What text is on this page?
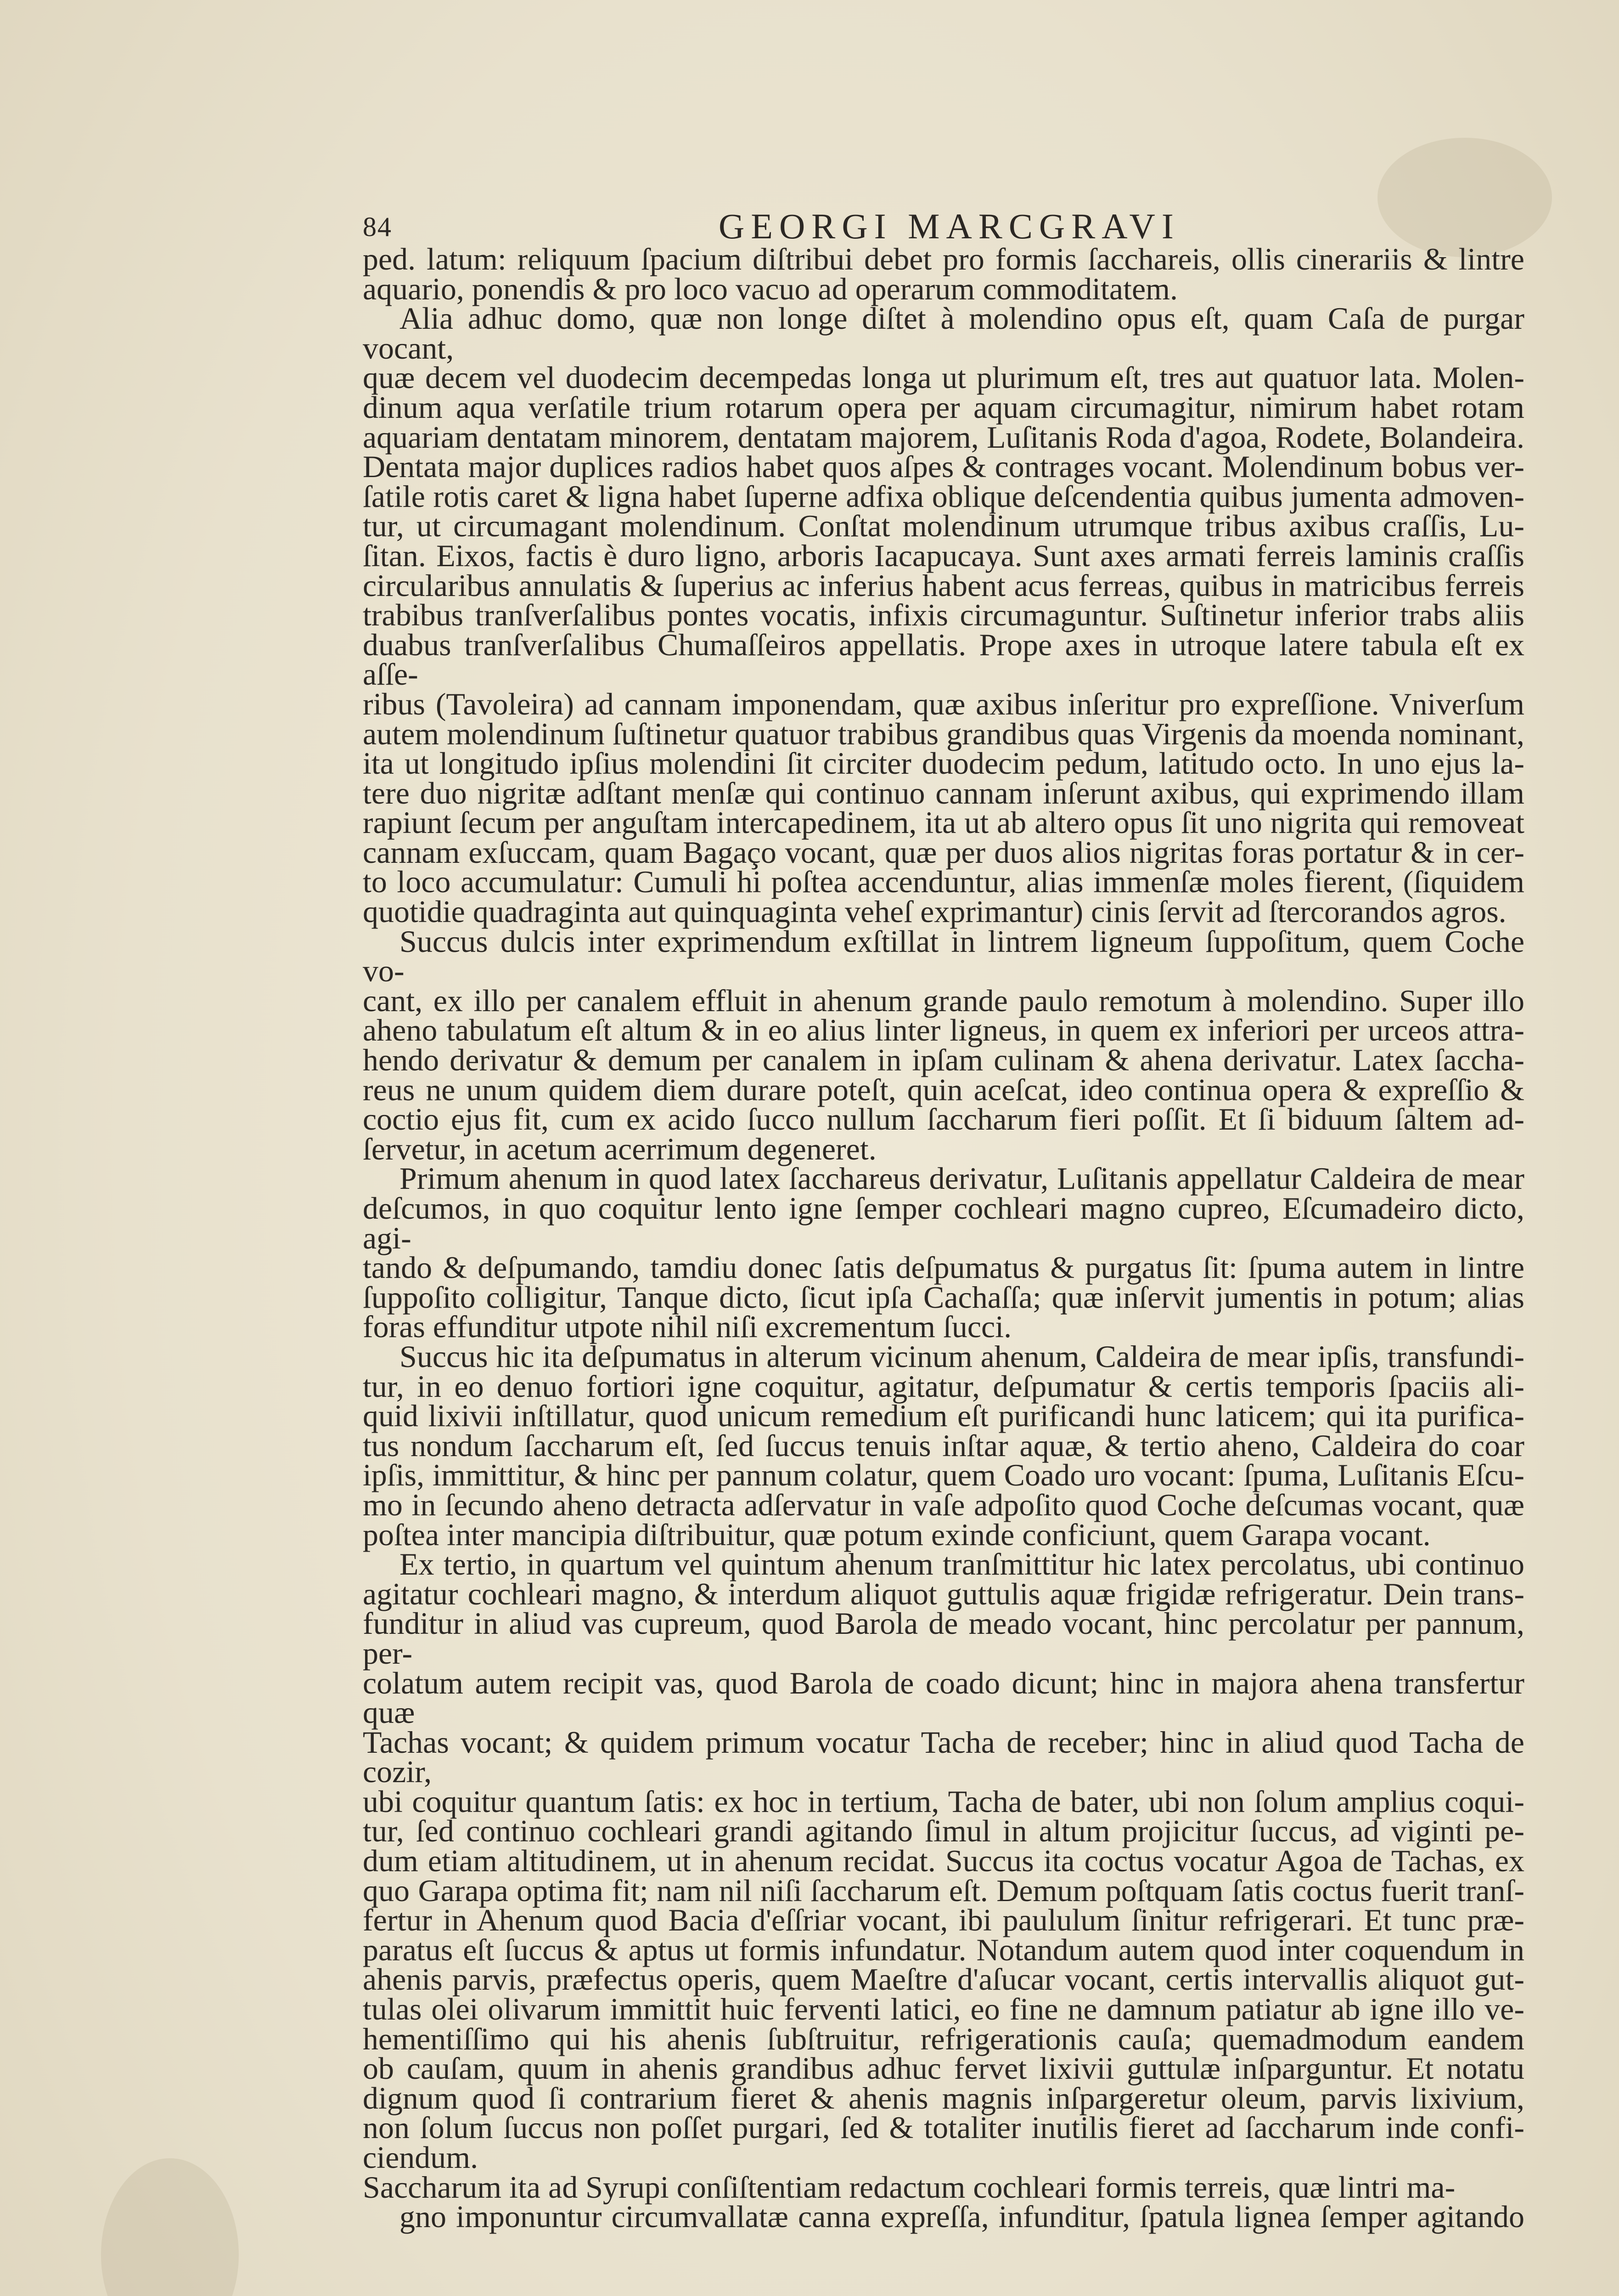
84	GEORGI MARCGRAVI

ped. latum: reliquum ſpacium diſtribui debet pro formis ſacchareis, ollis cinerariis & lintre

aquario, ponendis & pro loco vacuo ad operarum commoditatem.

Alia adhuc domo, quæ non longe diſtet à molendino opus eſt, quam Caſa de purgar vocant,

quæ decem vel duodecim decempedas longa ut plurimum eſt, tres aut quatuor lata. Molen-

dinum aqua verſatile trium rotarum opera per aquam circumagitur, nimirum habet rotam

aquariam dentatam minorem, dentatam majorem, Luſitanis Roda d'agoa, Rodete, Bolandeira.

Dentata major duplices radios habet quos aſpes & contrages vocant. Molendinum bobus ver-

ſatile rotis caret & ligna habet ſuperne adfixa oblique deſcendentia quibus jumenta admoven-

tur, ut circumagant molendinum. Conſtat molendinum utrumque tribus axibus craſſis, Lu-

ſitan. Eixos, factis è duro ligno, arboris Iacapucaya. Sunt axes armati ferreis laminis craſſis

circularibus annulatis & ſuperius ac inferius habent acus ferreas, quibus in matricibus ferreis

trabibus tranſverſalibus pontes vocatis, infixis circumaguntur. Suſtinetur inferior trabs aliis

duabus tranſverſalibus Chumaſſeiros appellatis. Prope axes in utroque latere tabula eſt ex aſſe-

ribus (Tavoleira) ad cannam imponendam, quæ axibus inſeritur pro expreſſione. Vniverſum

autem molendinum ſuſtinetur quatuor trabibus grandibus quas Virgenis da moenda nominant,

ita ut longitudo ipſius molendini ſit circiter duodecim pedum, latitudo octo. In uno ejus la-

tere duo nigritæ adſtant menſæ qui continuo cannam inſerunt axibus, qui exprimendo illam

rapiunt ſecum per anguſtam intercapedinem, ita ut ab altero opus ſit uno nigrita qui removeat

cannam exſuccam, quam Bagaço vocant, quæ per duos alios nigritas foras portatur & in cer-

to loco accumulatur: Cumuli hi poſtea accenduntur, alias immenſæ moles fierent, (ſiquidem

quotidie quadraginta aut quinquaginta veheſ exprimantur) cinis ſervit ad ſtercorandos agros.

Succus dulcis inter exprimendum exſtillat in lintrem ligneum ſuppoſitum, quem Coche vo-

cant, ex illo per canalem effluit in ahenum grande paulo remotum à molendino. Super illo

aheno tabulatum eſt altum & in eo alius linter ligneus, in quem ex inferiori per urceos attra-

hendo derivatur & demum per canalem in ipſam culinam & ahena derivatur. Latex ſaccha-

reus ne unum quidem diem durare poteſt, quin aceſcat, ideo continua opera & expreſſio &

coctio ejus fit, cum ex acido ſucco nullum ſaccharum fieri poſſit. Et ſi biduum ſaltem ad-

ſervetur, in acetum acerrimum degeneret.

Primum ahenum in quod latex ſacchareus derivatur, Luſitanis appellatur Caldeira de mear

deſcumos, in quo coquitur lento igne ſemper cochleari magno cupreo, Eſcumadeiro dicto, agi-

tando & deſpumando, tamdiu donec ſatis deſpumatus & purgatus ſit: ſpuma autem in lintre

ſuppoſito colligitur, Tanque dicto, ſicut ipſa Cachaſſa; quæ inſervit jumentis in potum; alias

foras effunditur utpote nihil niſi excrementum ſucci.

Succus hic ita deſpumatus in alterum vicinum ahenum, Caldeira de mear ipſis, transfundi-

tur, in eo denuo fortiori igne coquitur, agitatur, deſpumatur & certis temporis ſpaciis ali-

quid lixivii inſtillatur, quod unicum remedium eſt purificandi hunc laticem; qui ita purifica-

tus nondum ſaccharum eſt, ſed ſuccus tenuis inſtar aquæ, & tertio aheno, Caldeira do coar

ipſis, immittitur, & hinc per pannum colatur, quem Coado uro vocant: ſpuma, Luſitanis Eſcu-

mo in ſecundo aheno detracta adſervatur in vaſe adpoſito quod Coche deſcumas vocant, quæ

poſtea inter mancipia diſtribuitur, quæ potum exinde conficiunt, quem Garapa vocant.

Ex tertio, in quartum vel quintum ahenum tranſmittitur hic latex percolatus, ubi continuo

agitatur cochleari magno, & interdum aliquot guttulis aquæ frigidæ refrigeratur. Dein trans-

funditur in aliud vas cupreum, quod Barola de meado vocant, hinc percolatur per pannum, per-

colatum autem recipit vas, quod Barola de coado dicunt; hinc in majora ahena transfertur quæ

Tachas vocant; & quidem primum vocatur Tacha de receber; hinc in aliud quod Tacha de cozir,

ubi coquitur quantum ſatis: ex hoc in tertium, Tacha de bater, ubi non ſolum amplius coqui-

tur, ſed continuo cochleari grandi agitando ſimul in altum projicitur ſuccus, ad viginti pe-

dum etiam altitudinem, ut in ahenum recidat. Succus ita coctus vocatur Agoa de Tachas, ex

quo Garapa optima fit; nam nil niſi ſaccharum eſt. Demum poſtquam ſatis coctus fuerit tranſ-

fertur in Ahenum quod Bacia d'eſſriar vocant, ibi paululum ſinitur refrigerari. Et tunc præ-

paratus eſt ſuccus & aptus ut formis infundatur. Notandum autem quod inter coquendum in

ahenis parvis, præfectus operis, quem Maeſtre d'aſucar vocant, certis intervallis aliquot gut-

tulas olei olivarum immittit huic ferventi latici, eo fine ne damnum patiatur ab igne illo ve-

hementiſſimo qui his ahenis ſubſtruitur, refrigerationis cauſa; quemadmodum eandem

ob cauſam, quum in ahenis grandibus adhuc fervet lixivii guttulæ inſparguntur. Et notatu

dignum quod ſi contrarium fieret & ahenis magnis inſpargeretur oleum, parvis lixivium,

non ſolum ſuccus non poſſet purgari, ſed & totaliter inutilis fieret ad ſaccharum inde confi-

ciendum.

Saccharum ita ad Syrupi conſiſtentiam redactum cochleari formis terreis, quæ lintri ma-

gno imponuntur circumvallatæ canna expreſſa, infunditur, ſpatula lignea ſemper agitando
